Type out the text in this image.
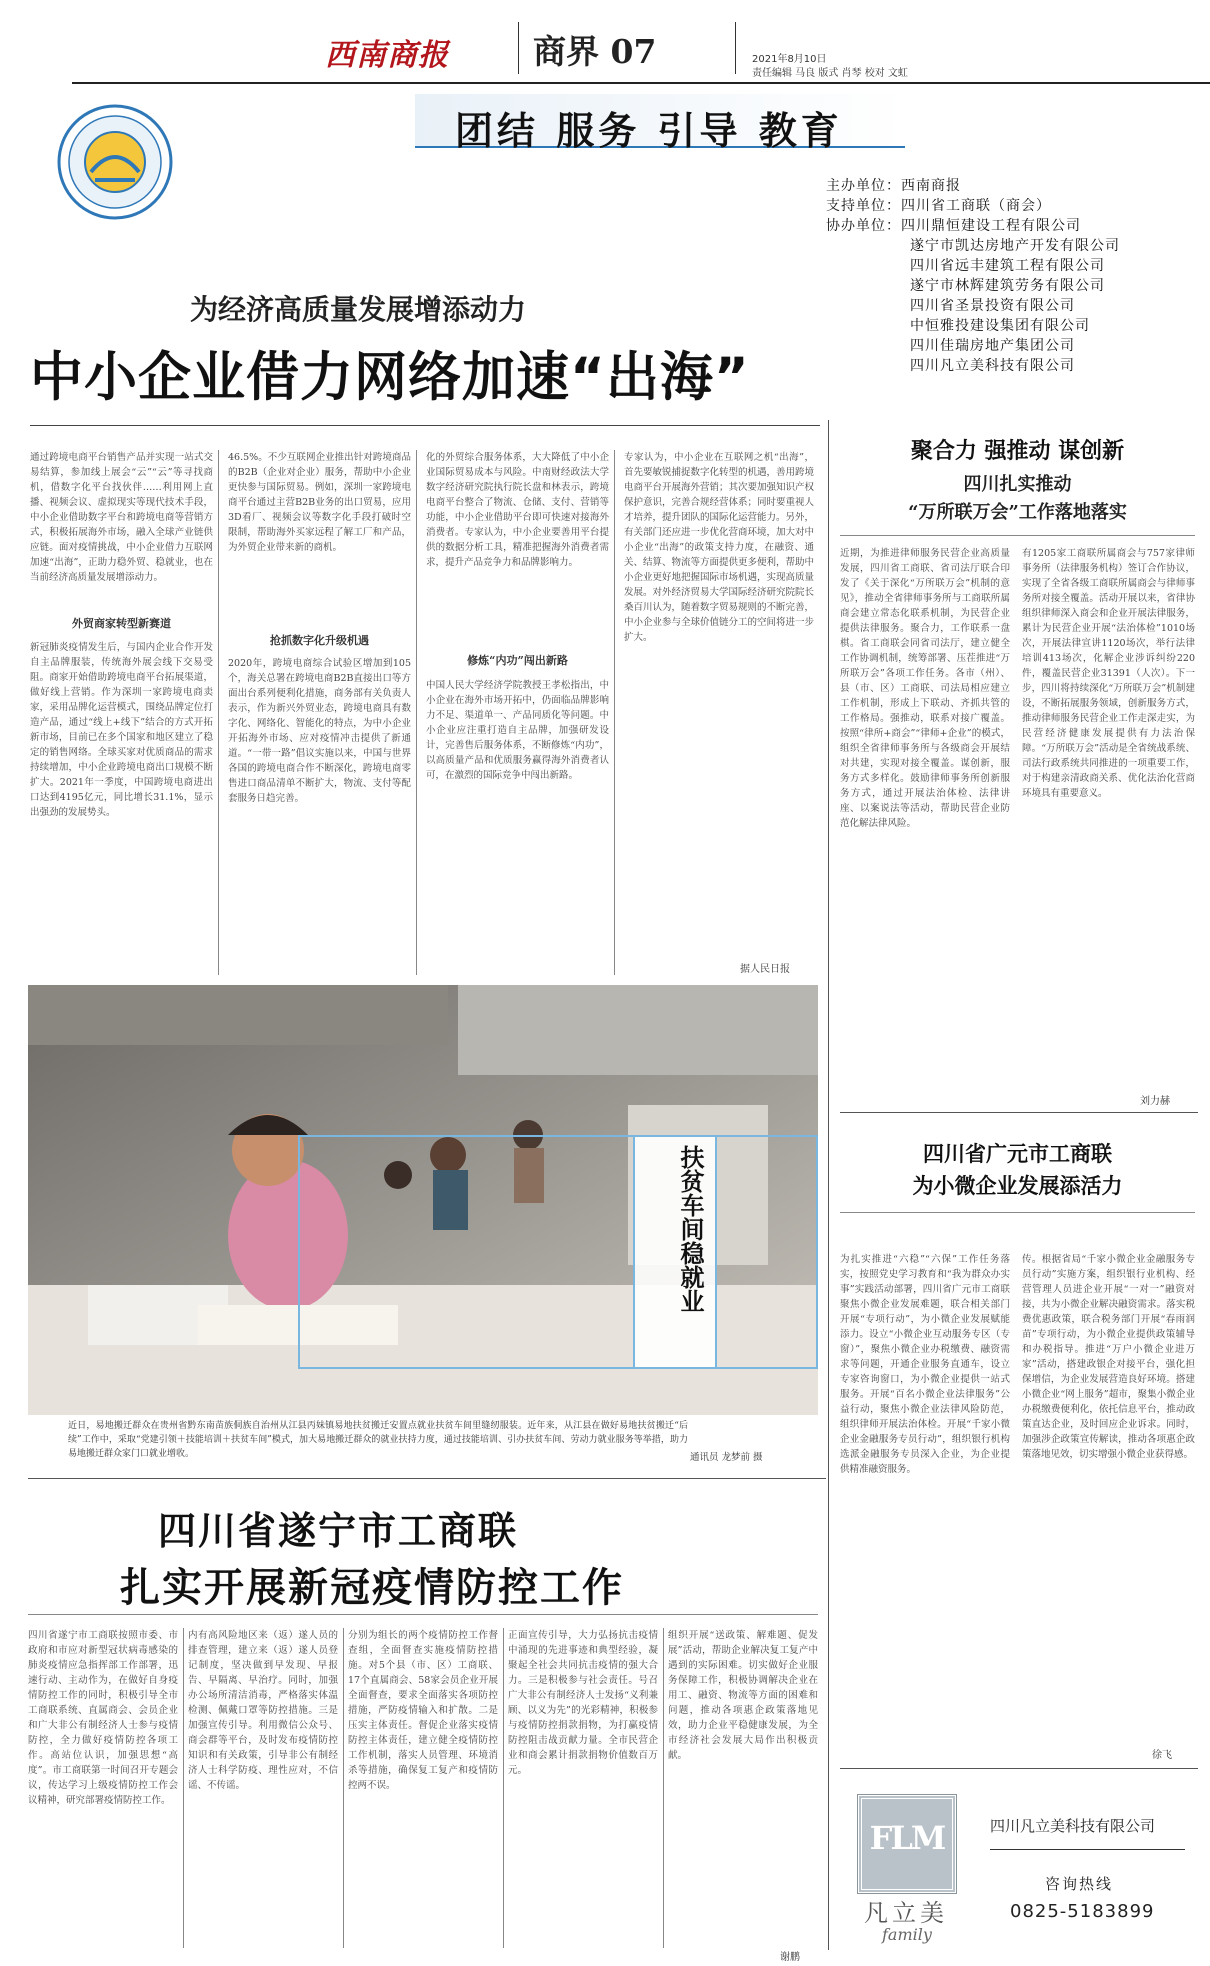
西南商报	商界 07	2021年8月10日
责任编辑 马良 版式 肖琴 校对 文虹
团结 服务 引导 教育
主办单位：西南商报
支持单位：四川省工商联（商会）
协办单位： 四川鼎恒建设工程有限公司
遂宁市凯达房地产开发有限公司
四川省远丰建筑工程有限公司
遂宁市林辉建筑劳务有限公司
四川省圣景投资有限公司
中恒雅投建设集团有限公司
四川佳瑞房地产集团公司
四川凡立美科技有限公司
为经济高质量发展增添动力
中小企业借力网络加速“出海”
通过跨境电商平台销售产品并实现一站式交易结算，参加线上展会“云”“云”等寻找商机，借数字化平台找伙伴……利用网上直播、视频会议、虚拟现实等现代技术手段，中小企业借助数字平台和跨境电商等营销方式，积极拓展海外市场，融入全球产业链供应链。面对疫情挑战，中小企业借力互联网加速“出海”，正助力稳外贸、稳就业，也在当前经济高质量发展增添动力。
外贸商家转型新赛道
新冠肺炎疫情发生后，与国内企业合作开发自主品牌服装，传统海外展会线下交易受阻。商家开始借助跨境电商平台拓展渠道，做好线上营销。作为深圳一家跨境电商卖家，采用品牌化运营模式，围绕品牌定位打造产品，通过“线上+线下”结合的方式开拓新市场，目前已在多个国家和地区建立了稳定的销售网络。全球买家对优质商品的需求持续增加，中小企业跨境电商出口规模不断扩大。2021年一季度，中国跨境电商进出口达到4195亿元，同比增长31.1%，显示出强劲的发展势头。
46.5%。不少互联网企业推出针对跨境商品的B2B（企业对企业）服务，帮助中小企业更快参与国际贸易。例如，深圳一家跨境电商平台通过主营B2B业务的出口贸易，应用3D看厂、视频会议等数字化手段打破时空限制，帮助海外买家远程了解工厂和产品，为外贸企业带来新的商机。
抢抓数字化升级机遇
2020年，跨境电商综合试验区增加到105个，海关总署在跨境电商B2B直接出口等方面出台系列便利化措施，商务部有关负责人表示，作为新兴外贸业态，跨境电商具有数字化、网络化、智能化的特点，为中小企业开拓海外市场、应对疫情冲击提供了新通道。“一带一路”倡议实施以来，中国与世界各国的跨境电商合作不断深化，跨境电商零售进口商品清单不断扩大，物流、支付等配套服务日趋完善。
化的外贸综合服务体系，大大降低了中小企业国际贸易成本与风险。中南财经政法大学数字经济研究院执行院长盘和林表示，跨境电商平台整合了物流、仓储、支付、营销等功能，中小企业借助平台即可快速对接海外消费者。专家认为，中小企业要善用平台提供的数据分析工具，精准把握海外消费者需求，提升产品竞争力和品牌影响力。
修炼“内功”闯出新路
中国人民大学经济学院教授王孝松指出，中小企业在海外市场开拓中，仍面临品牌影响力不足、渠道单一、产品同质化等问题。中小企业应注重打造自主品牌，加强研发设计，完善售后服务体系，不断修炼“内功”，以高质量产品和优质服务赢得海外消费者认可，在激烈的国际竞争中闯出新路。
专家认为，中小企业在互联网之机“出海”，首先要敏锐捕捉数字化转型的机遇，善用跨境电商平台开展海外营销；其次要加强知识产权保护意识，完善合规经营体系；同时要重视人才培养，提升团队的国际化运营能力。另外，有关部门还应进一步优化营商环境，加大对中小企业“出海”的政策支持力度，在融资、通关、结算、物流等方面提供更多便利，帮助中小企业更好地把握国际市场机遇，实现高质量发展。对外经济贸易大学国际经济研究院院长桑百川认为，随着数字贸易规则的不断完善，中小企业参与全球价值链分工的空间将进一步扩大。
据人民日报
聚合力 强推动 谋创新
四川扎实推动
“万所联万会”工作落地落实
近期，为推进律师服务民营企业高质量发展，四川省工商联、省司法厅联合印发了《关于深化“万所联万会”机制的意见》，推动全省律师事务所与工商联所属商会建立常态化联系机制，为民营企业提供法律服务。聚合力，工作联系一盘棋。省工商联会同省司法厅，建立健全工作协调机制，统筹部署、压茬推进“万所联万会”各项工作任务。各市（州）、县（市、区）工商联、司法局相应建立工作机制，形成上下联动、齐抓共管的工作格局。强推动，联系对接广覆盖。按照“律所+商会”“律师+企业”的模式，组织全省律师事务所与各级商会开展结对共建，实现对接全覆盖。谋创新，服务方式多样化。鼓励律师事务所创新服务方式，通过开展法治体检、法律讲座、以案说法等活动，帮助民营企业防范化解法律风险。
有1205家工商联所属商会与757家律师事务所（法律服务机构）签订合作协议，实现了全省各级工商联所属商会与律师事务所对接全覆盖。活动开展以来，省律协组织律师深入商会和企业开展法律服务，累计为民营企业开展“法治体检”1010场次，开展法律宣讲1120场次，举行法律培训413场次，化解企业涉诉纠纷220件，覆盖民营企业31391（人次）。下一步，四川将持续深化“万所联万会”机制建设，不断拓展服务领域，创新服务方式，推动律师服务民营企业工作走深走实，为民营经济健康发展提供有力法治保障。“万所联万会”活动是全省统战系统、司法行政系统共同推进的一项重要工作，对于构建亲清政商关系、优化法治化营商环境具有重要意义。
刘力赫
四川省广元市工商联
为小微企业发展添活力
为扎实推进“六稳”“六保”工作任务落实，按照党史学习教育和“我为群众办实事”实践活动部署，四川省广元市工商联聚焦小微企业发展难题，联合相关部门开展“专项行动”，为小微企业发展赋能添力。设立“小微企业互动服务专区（专窗）”，聚焦小微企业办税缴费、融资需求等问题，开通企业服务直通车，设立专家咨询窗口，为小微企业提供一站式服务。开展“百名小微企业法律服务”公益行动，聚焦小微企业法律风险防范，组织律师开展法治体检。开展“千家小微企业金融服务专员行动”，组织银行机构选派金融服务专员深入企业，为企业提供精准融资服务。
传。根据省局“千家小微企业金融服务专员行动”实施方案，组织银行业机构、经营管理人员进企业开展“一对一”融资对接，共为小微企业解决融资需求。落实税费优惠政策，联合税务部门开展“春雨润苗”专项行动，为小微企业提供政策辅导和办税指导。推进“万户小微企业进万家”活动，搭建政银企对接平台，强化担保增信，为企业发展营造良好环境。搭建小微企业“网上服务”超市，聚集小微企业办税缴费便利化，依托信息平台，推动政策直达企业，及时回应企业诉求。同时，加强涉企政策宣传解读，推动各项惠企政策落地见效，切实增强小微企业获得感。
徐飞
FLM
凡立美
family
四川凡立美科技有限公司
咨询热线
0825-5183899
扶贫车间稳就业
近日，易地搬迁群众在贵州省黔东南苗族侗族自治州从江县丙妹镇易地扶贫搬迁安置点就业扶贫车间里缝纫服装。近年来，从江县在做好易地扶贫搬迁“后续”工作中，采取“党建引领＋技能培训＋扶贫车间”模式，加大易地搬迁群众的就业扶持力度，通过技能培训、引办扶贫车间、劳动力就业服务等举措，助力易地搬迁群众家门口就业增收。	通讯员 龙梦前 摄
四川省遂宁市工商联
扎实开展新冠疫情防控工作
四川省遂宁市工商联按照市委、市政府和市应对新型冠状病毒感染的肺炎疫情应急指挥部工作部署，迅速行动、主动作为，在做好自身疫情防控工作的同时，积极引导全市工商联系统、直属商会、会员企业和广大非公有制经济人士参与疫情防控，全力做好疫情防控各项工作。高站位认识，加强思想“高度”。市工商联第一时间召开专题会议，传达学习上级疫情防控工作会议精神，研究部署疫情防控工作。
内有高风险地区来（返）遂人员的排查管理，建立来（返）遂人员登记制度，坚决做到早发现、早报告、早隔离、早治疗。同时，加强办公场所清洁消毒，严格落实体温检测、佩戴口罩等防控措施。三是加强宣传引导。利用微信公众号、商会群等平台，及时发布疫情防控知识和有关政策，引导非公有制经济人士科学防疫、理性应对，不信谣、不传谣。
分别为组长的两个疫情防控工作督查组，全面督查实施疫情防控措施。对5个县（市、区）工商联、17个直属商会、58家会员企业开展全面督查，要求全面落实各项防控措施，严防疫情输入和扩散。二是压实主体责任。督促企业落实疫情防控主体责任，建立健全疫情防控工作机制，落实人员管理、环境消杀等措施，确保复工复产和疫情防控两不误。
正面宣传引导，大力弘扬抗击疫情中涌现的先进事迹和典型经验，凝聚起全社会共同抗击疫情的强大合力。三是积极参与社会责任。号召广大非公有制经济人士发扬“义利兼顾、以义为先”的光彩精神，积极参与疫情防控捐款捐物，为打赢疫情防控阻击战贡献力量。全市民营企业和商会累计捐款捐物价值数百万元。
组织开展“送政策、解难题、促发展”活动，帮助企业解决复工复产中遇到的实际困难。切实做好企业服务保障工作，积极协调解决企业在用工、融资、物流等方面的困难和问题，推动各项惠企政策落地见效，助力企业平稳健康发展，为全市经济社会发展大局作出积极贡献。
谢鹏
